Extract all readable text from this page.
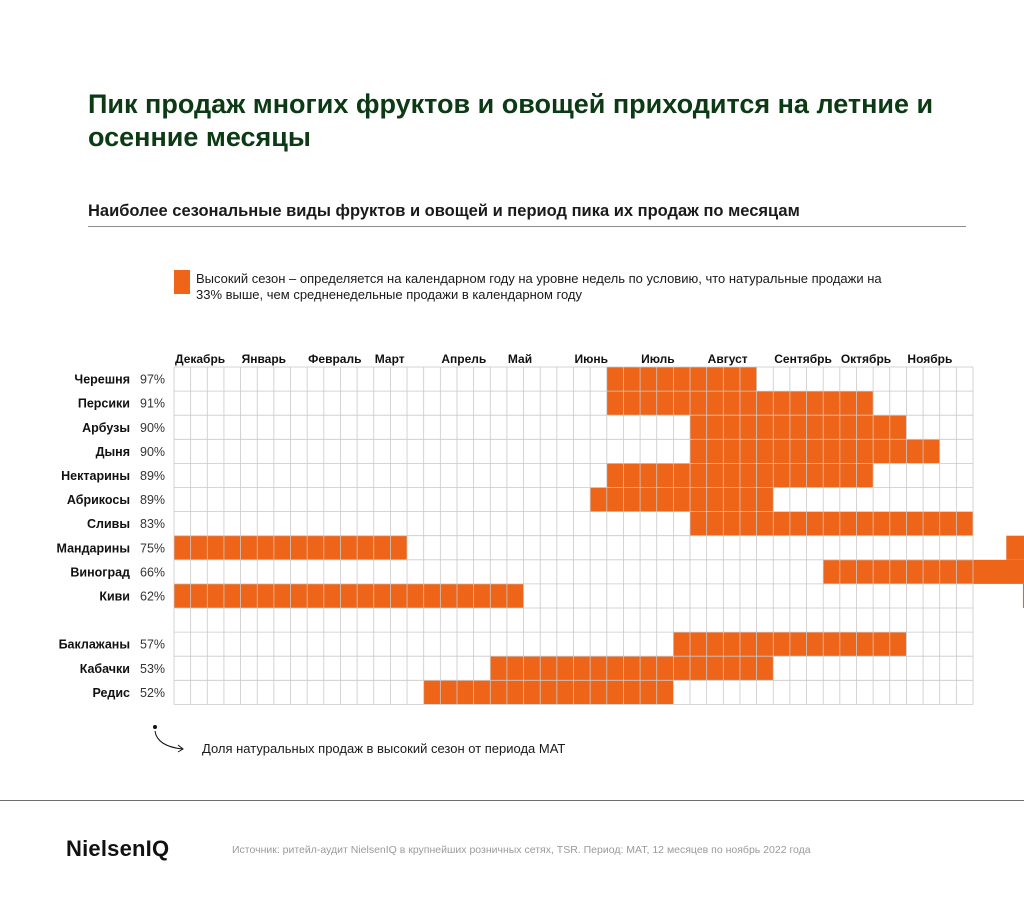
Пик продаж многих фруктов и овощей приходится на летние и осенние месяцы
Наиболее сезональные виды фруктов и овощей и период пика их продаж по месяцам
Высокий сезон – определяется на календарном году на уровне недель по условию, что натуральные продажи на 33% выше, чем средненедельные продажи в календарном году
Декабрь Январь Февраль Март	Апрель Май	Июнь	Июль	Август Сентябрь Октябрь Ноябрь
Черешня 97%
Персики 91%
Арбузы 90%
Дыня 90%
Нектарины 89%
Абрикосы 89%
Сливы 83%
Мандарины 75%
Виноград 66%
Киви 62%
Баклажаны 57%
Кабачки 53%
Редис 52%
Доля натуральных продаж в высокий сезон от периода MAT
NielsenIQ	Источник: ритейл-аудит NielsenIQ в крупнейших розничных сетях, TSR. Период: MAT, 12 месяцев по ноябрь 2022 года
